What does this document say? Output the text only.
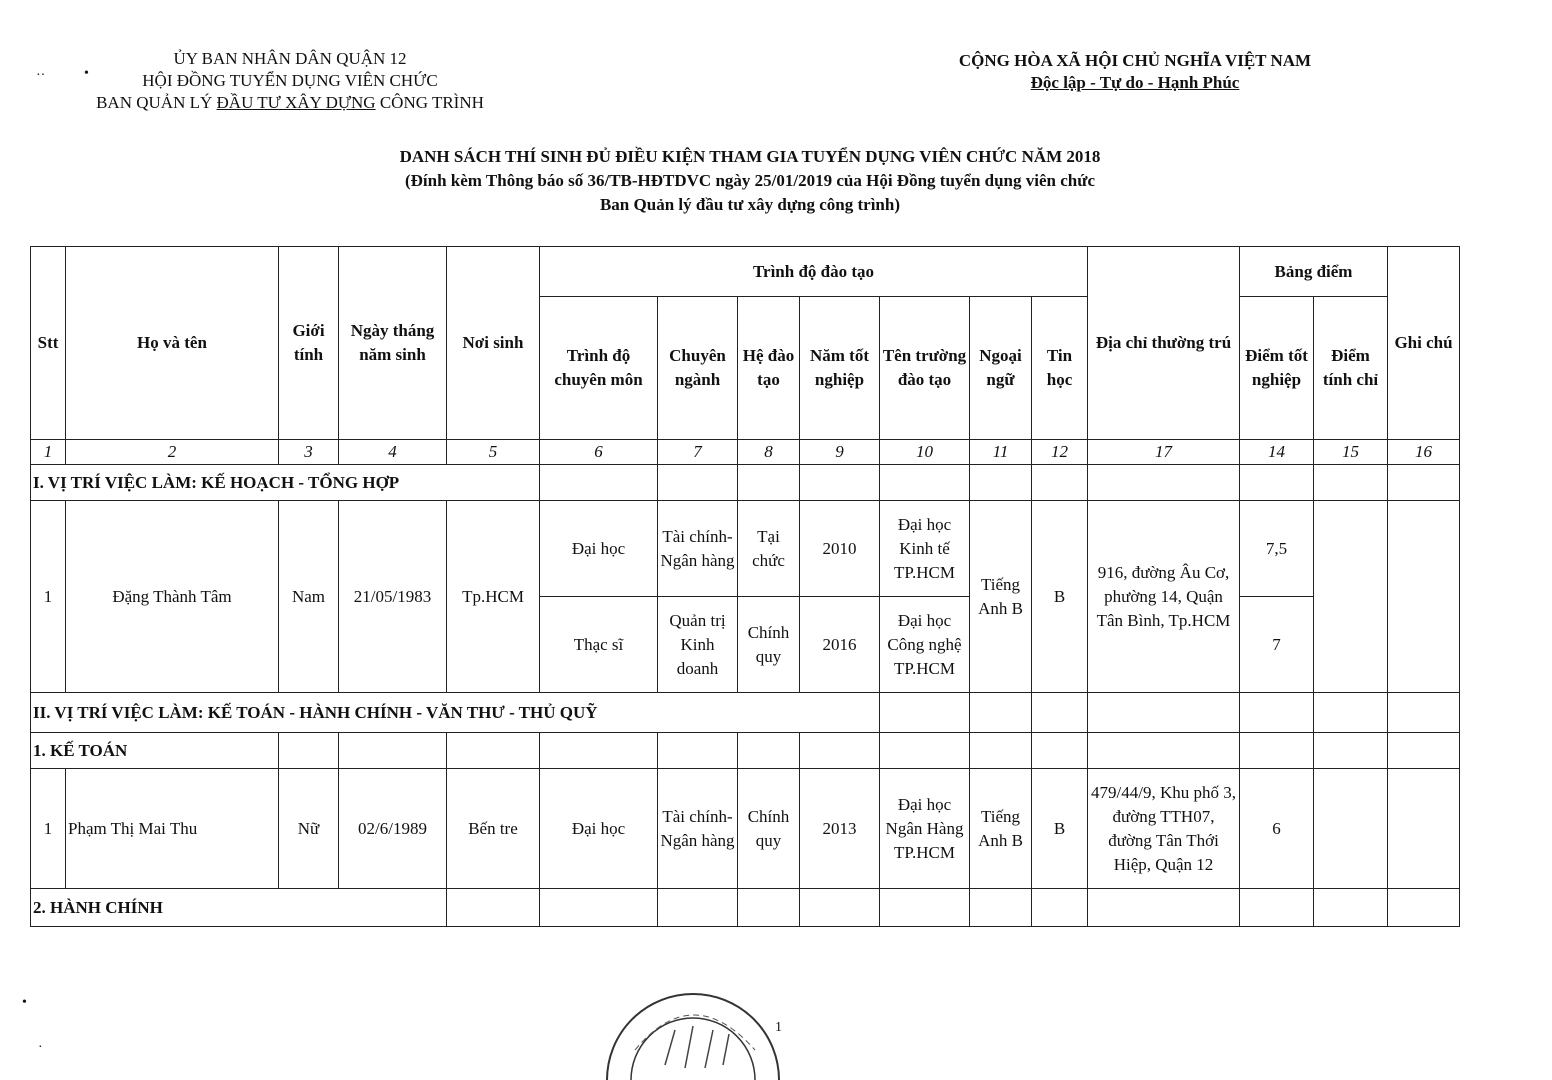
ỦY BAN NHÂN DÂN QUẬN 12
HỘI ĐỒNG TUYỂN DỤNG VIÊN CHỨC
BAN QUẢN LÝ ĐẦU TƯ XÂY DỰNG CÔNG TRÌNH
··	•
•
·
CỘNG HÒA XÃ HỘI CHỦ NGHĨA VIỆT NAM
Độc lập - Tự do - Hạnh Phúc
DANH SÁCH THÍ SINH ĐỦ ĐIỀU KIỆN THAM GIA TUYỂN DỤNG VIÊN CHỨC NĂM 2018
(Đính kèm Thông báo số 36/TB-HĐTDVC ngày 25/01/2019 của Hội Đồng tuyển dụng viên chức
Ban Quản lý đầu tư xây dựng công trình)
Stt	Họ và tên	Giới tính	Ngày tháng năm sinh	Nơi sinh	Trình độ đào tạo							Địa chỉ thường trú	Bảng điểm		Ghi chú
					Trình độ chuyên môn	Chuyên ngành	Hệ đào tạo	Năm tốt nghiệp	Tên trường đào tạo	Ngoại ngữ	Tin học		Điểm tốt nghiệp	Điểm tính chỉ	
1	2	3	4	5	6	7	8	9	10	11	12	17	14	15	16
I. VỊ TRÍ VIỆC LÀM: KẾ HOẠCH - TỔNG HỢP															
1	Đặng Thành Tâm	Nam	21/05/1983	Tp.HCM	Đại học	Tài chính-Ngân hàng	Tại chức	2010	Đại học Kinh tế TP.HCM	Tiếng Anh B	B	916, đường Âu Cơ, phường 14, Quận Tân Bình, Tp.HCM	7,5		
					Thạc sĩ	Quản trị Kinh doanh	Chính quy	2016	Đại học Công nghệ TP.HCM				7		
II. VỊ TRÍ VIỆC LÀM: KẾ TOÁN - HÀNH CHÍNH - VĂN THƯ - THỦ QUỸ															
1. KẾ TOÁN															
1	Phạm Thị Mai Thu	Nữ	02/6/1989	Bến tre	Đại học	Tài chính-Ngân hàng	Chính quy	2013	Đại học Ngân Hàng TP.HCM	Tiếng Anh B	B	479/44/9, Khu phố 3, đường TTH07, đường Tân Thới Hiệp, Quận 12	6		
2. HÀNH CHÍNH															
1
